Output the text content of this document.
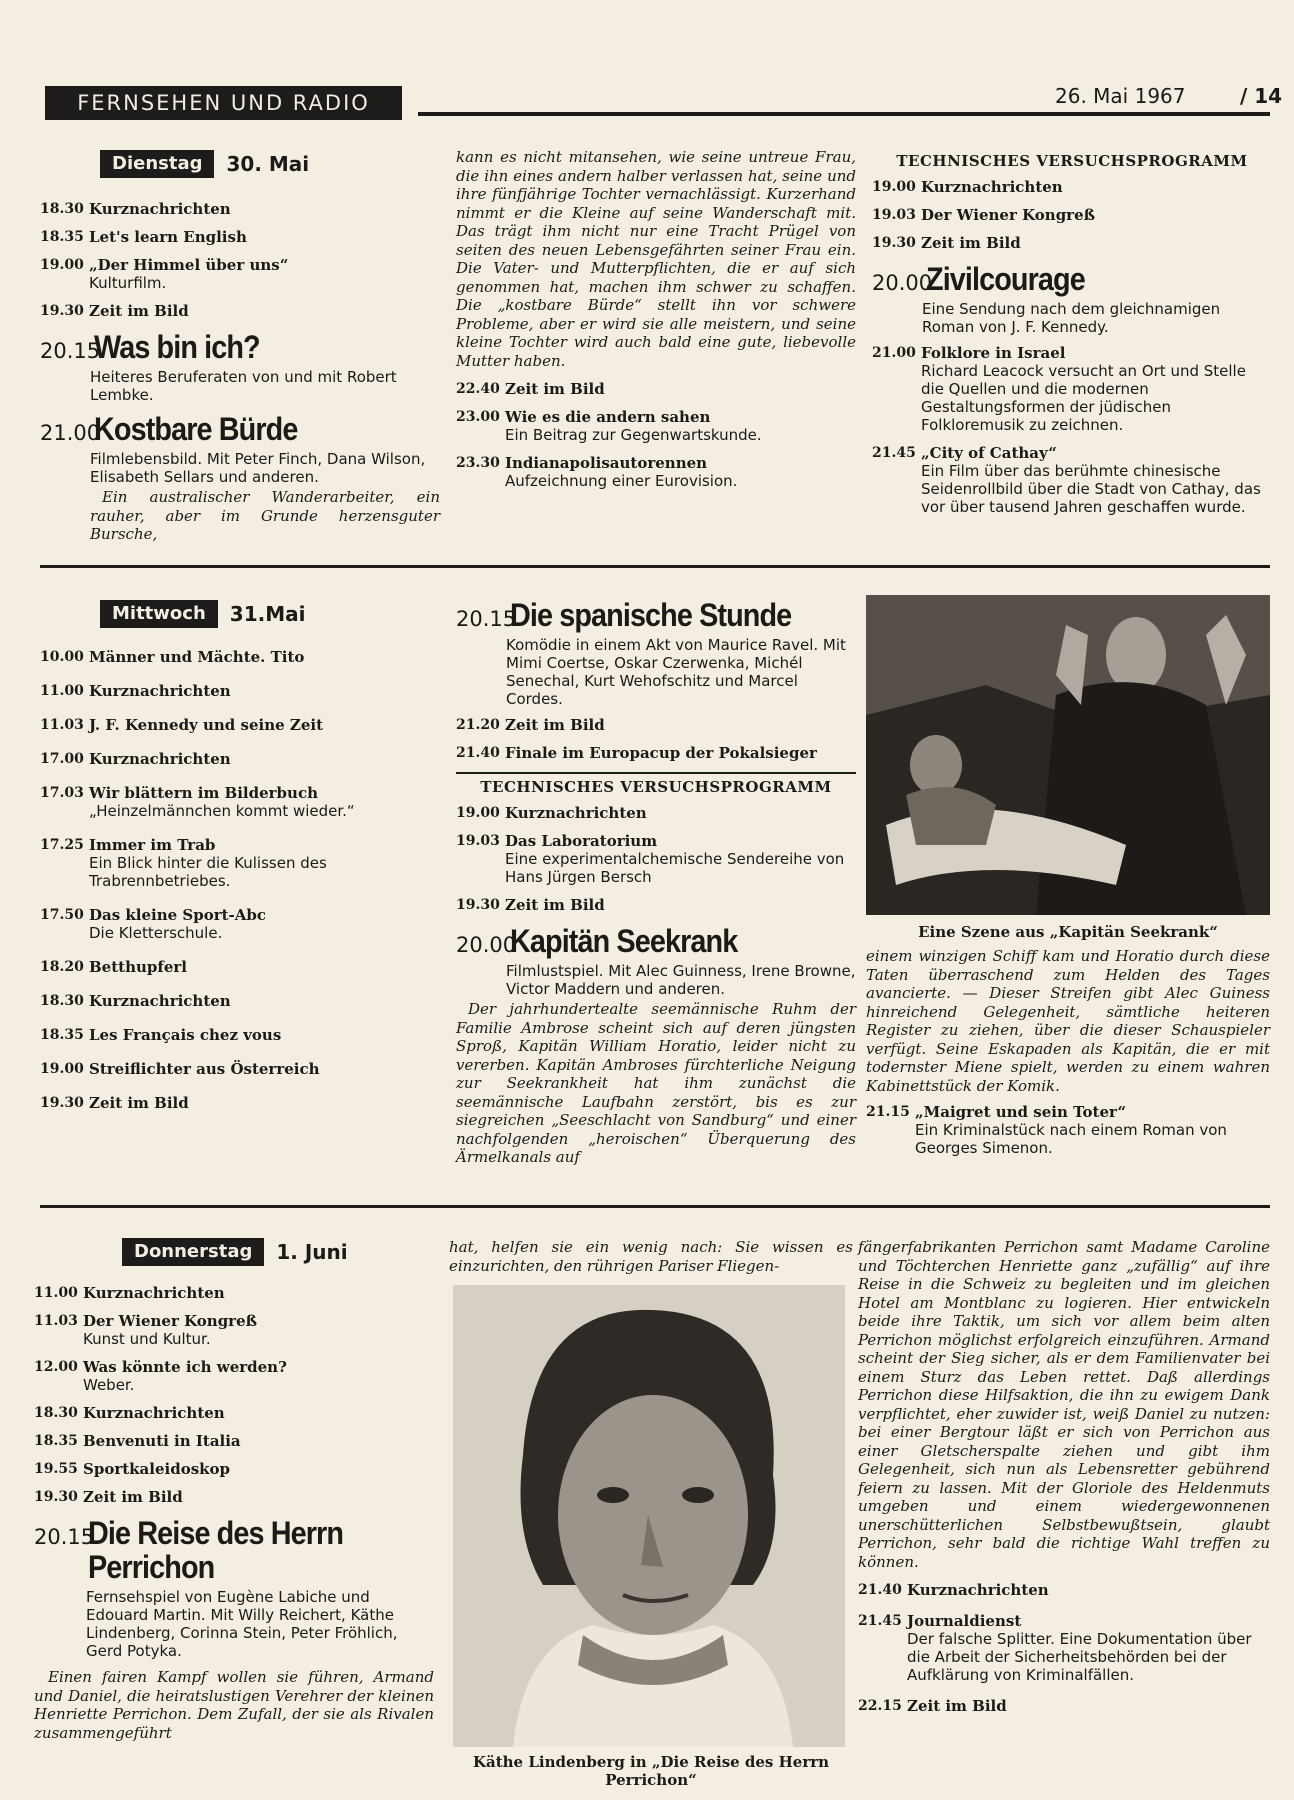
FERNSEHEN UND RADIO	26. Mai 1967	/ 14
Dienstag	30. Mai
18.30 Kurznachrichten
18.35 Let's learn English
19.00 „Der Himmel über uns“
Kulturfilm.
19.30 Zeit im Bild
20.15
Was bin ich?
Heiteres Beruferaten von und mit Robert Lembke.
21.00
Kostbare Bürde
Filmlebensbild. Mit Peter Finch, Dana Wilson, Elisabeth Sellars und anderen.
Ein australischer Wanderarbeiter, ein rauher, aber im Grunde herzensguter Bursche,
kann es nicht mitansehen, wie seine untreue Frau, die ihn eines andern halber verlassen hat, seine und ihre fünfjährige Tochter vernachlässigt. Kurzerhand nimmt er die Kleine auf seine Wanderschaft mit. Das trägt ihm nicht nur eine Tracht Prügel von seiten des neuen Lebensgefährten seiner Frau ein. Die Vater- und Mutterpflichten, die er auf sich genommen hat, machen ihm schwer zu schaffen. Die „kostbare Bürde“ stellt ihn vor schwere Probleme, aber er wird sie alle meistern, und seine kleine Tochter wird auch bald eine gute, liebevolle Mutter haben.
22.40 Zeit im Bild
23.00 Wie es die andern sahen
Ein Beitrag zur Gegenwartskunde.
23.30 Indianapolisautorennen
Aufzeichnung einer Eurovision.
TECHNISCHES VERSUCHSPROGRAMM
19.00 Kurznachrichten
19.03 Der Wiener Kongreß
19.30 Zeit im Bild
20.00
Zivilcourage
Eine Sendung nach dem gleichnamigen Roman von J. F. Kennedy.
21.00 Folklore in Israel
Richard Leacock versucht an Ort und Stelle die Quellen und die modernen Gestaltungsformen der jüdischen Folkloremusik zu zeichnen.
21.45 „City of Cathay“
Ein Film über das berühmte chinesische Seidenrollbild über die Stadt von Cathay, das vor über tausend Jahren geschaffen wurde.
Mittwoch	31.Mai
10.00 Männer und Mächte. Tito
11.00 Kurznachrichten
11.03 J. F. Kennedy und seine Zeit
17.00 Kurznachrichten
17.03 Wir blättern im Bilderbuch
„Heinzelmännchen kommt wieder.“
17.25 Immer im Trab
Ein Blick hinter die Kulissen des Trabrennbetriebes.
17.50 Das kleine Sport-Abc
Die Kletterschule.
18.20 Betthupferl
18.30 Kurznachrichten
18.35 Les Français chez vous
19.00 Streiflichter aus Österreich
19.30 Zeit im Bild
20.15
Die spanische Stunde
Komödie in einem Akt von Maurice Ravel. Mit Mimi Coertse, Oskar Czerwenka, Michél Senechal, Kurt Wehofschitz und Marcel Cordes.
21.20 Zeit im Bild
21.40 Finale im Europacup der Pokalsieger
TECHNISCHES VERSUCHSPROGRAMM
19.00 Kurznachrichten
19.03 Das Laboratorium
Eine experimentalchemische Sendereihe von Hans Jürgen Bersch
19.30 Zeit im Bild
20.00
Kapitän Seekrank
Filmlustspiel. Mit Alec Guinness, Irene Browne, Victor Maddern und anderen.
Der jahrhundertealte seemännische Ruhm der Familie Ambrose scheint sich auf deren jüngsten Sproß, Kapitän William Horatio, leider nicht zu vererben. Kapitän Ambroses fürchterliche Neigung zur Seekrankheit hat ihm zunächst die seemännische Laufbahn zerstört, bis es zur siegreichen „Seeschlacht von Sandburg“ und einer nachfolgenden „heroischen“ Überquerung des Ärmelkanals auf
Eine Szene aus „Kapitän Seekrank“
einem winzigen Schiff kam und Horatio durch diese Taten überraschend zum Helden des Tages avancierte. — Dieser Streifen gibt Alec Guiness hinreichend Gelegenheit, sämtliche heiteren Register zu ziehen, über die dieser Schauspieler verfügt. Seine Eskapaden als Kapitän, die er mit todernster Miene spielt, werden zu einem wahren Kabinettstück der Komik.
21.15 „Maigret und sein Toter“
Ein Kriminalstück nach einem Roman von Georges Simenon.
Donnerstag	1. Juni
11.00 Kurznachrichten
11.03 Der Wiener Kongreß
Kunst und Kultur.
12.00 Was könnte ich werden?
Weber.
18.30 Kurznachrichten
18.35 Benvenuti in Italia
19.55 Sportkaleidoskop
19.30 Zeit im Bild
20.15
Die Reise des Herrn Perrichon
Fernsehspiel von Eugène Labiche und Edouard Martin. Mit Willy Reichert, Käthe Lindenberg, Corinna Stein, Peter Fröhlich, Gerd Potyka.
Einen fairen Kampf wollen sie führen, Armand und Daniel, die heiratslustigen Verehrer der kleinen Henriette Perrichon. Dem Zufall, der sie als Rivalen zusammengeführt
hat, helfen sie ein wenig nach: Sie wissen es einzurichten, den rührigen Pariser Fliegen-
Käthe Lindenberg in „Die Reise des Herrn Perrichon“
fängerfabrikanten Perrichon samt Madame Caroline und Töchterchen Henriette ganz „zufällig“ auf ihre Reise in die Schweiz zu begleiten und im gleichen Hotel am Montblanc zu logieren. Hier entwickeln beide ihre Taktik, um sich vor allem beim alten Perrichon möglichst erfolgreich einzuführen. Armand scheint der Sieg sicher, als er dem Familienvater bei einem Sturz das Leben rettet. Daß allerdings Perrichon diese Hilfsaktion, die ihn zu ewigem Dank verpflichtet, eher zuwider ist, weiß Daniel zu nutzen: bei einer Bergtour läßt er sich von Perrichon aus einer Gletscherspalte ziehen und gibt ihm Gelegenheit, sich nun als Lebensretter gebührend feiern zu lassen. Mit der Gloriole des Heldenmuts umgeben und einem wiedergewonnenen unerschütterlichen Selbstbewußtsein, glaubt Perrichon, sehr bald die richtige Wahl treffen zu können.
21.40 Kurznachrichten
21.45 Journaldienst
Der falsche Splitter. Eine Dokumentation über die Arbeit der Sicherheitsbehörden bei der Aufklärung von Kriminalfällen.
22.15 Zeit im Bild
